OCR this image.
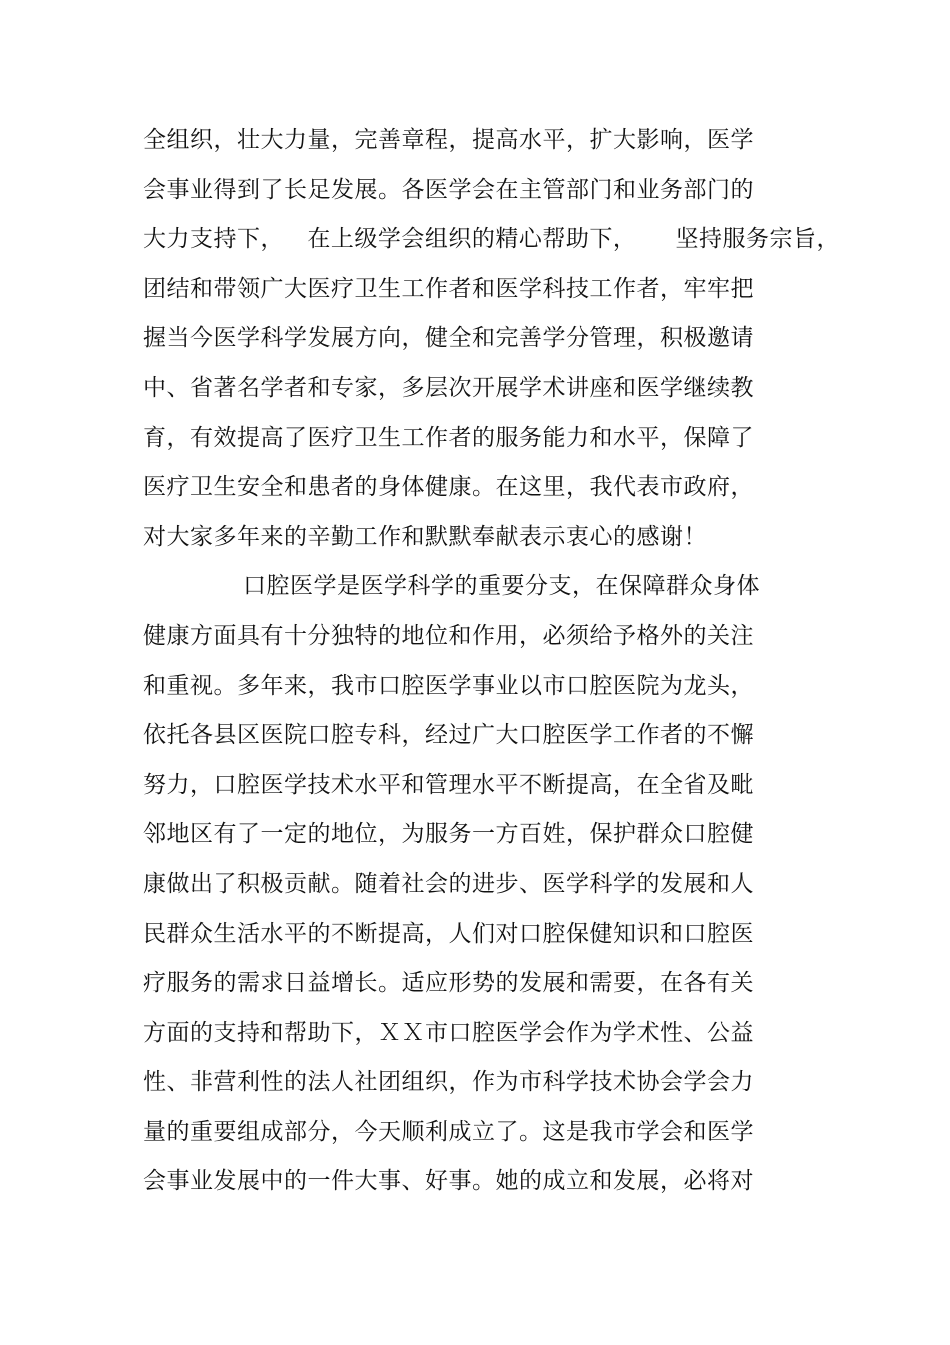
全组织，壮大力量，完善章程，提高水平，扩大影响，医学
会事业得到了长足发展。各医学会在主管部门和业务部门的
大力支持下，   在上级学会组织的精心帮助下，     坚持服务宗旨，
团结和带领广大医疗卫生工作者和医学科技工作者，牢牢把
握当今医学科学发展方向，健全和完善学分管理，积极邀请
中、省著名学者和专家，多层次开展学术讲座和医学继续教
育，有效提高了医疗卫生工作者的服务能力和水平，保障了
医疗卫生安全和患者的身体健康。在这里，我代表市政府，
对大家多年来的辛勤工作和默默奉献表示衷心的感谢！
口腔医学是医学科学的重要分支，在保障群众身体
健康方面具有十分独特的地位和作用，必须给予格外的关注
和重视。多年来，我市口腔医学事业以市口腔医院为龙头，
依托各县区医院口腔专科，经过广大口腔医学工作者的不懈
努力，口腔医学技术水平和管理水平不断提高，在全省及毗
邻地区有了一定的地位，为服务一方百姓，保护群众口腔健
康做出了积极贡献。随着社会的进步、医学科学的发展和人
民群众生活水平的不断提高，人们对口腔保健知识和口腔医
疗服务的需求日益增长。适应形势的发展和需要，在各有关
方面的支持和帮助下，ＸＸ市口腔医学会作为学术性、公益
性、非营利性的法人社团组织，作为市科学技术协会学会力
量的重要组成部分，今天顺利成立了。这是我市学会和医学
会事业发展中的一件大事、好事。她的成立和发展，必将对
